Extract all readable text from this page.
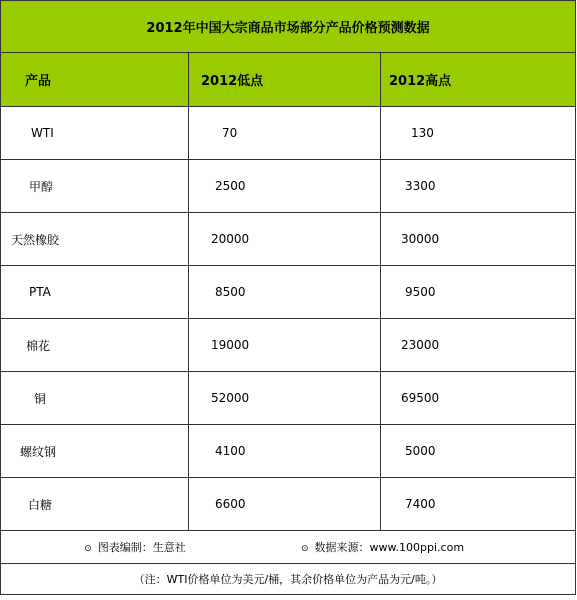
2012年中国大宗商品市场部分产品价格预测数据		
产品	2012低点	2012高点
WTI	70	130
甲醇	2500	3300
天然橡胶	20000	30000
PTA	8500	9500
棉花	19000	23000
铜	52000	69500
螺纹钢	4100	5000
白糖	6600	7400

⊙ 图表编制：生意社 ⊙ 数据来源：www.100ppi.com		

（注：WTI价格单位为美元/桶，其余价格单位为产品为元/吨。）		
